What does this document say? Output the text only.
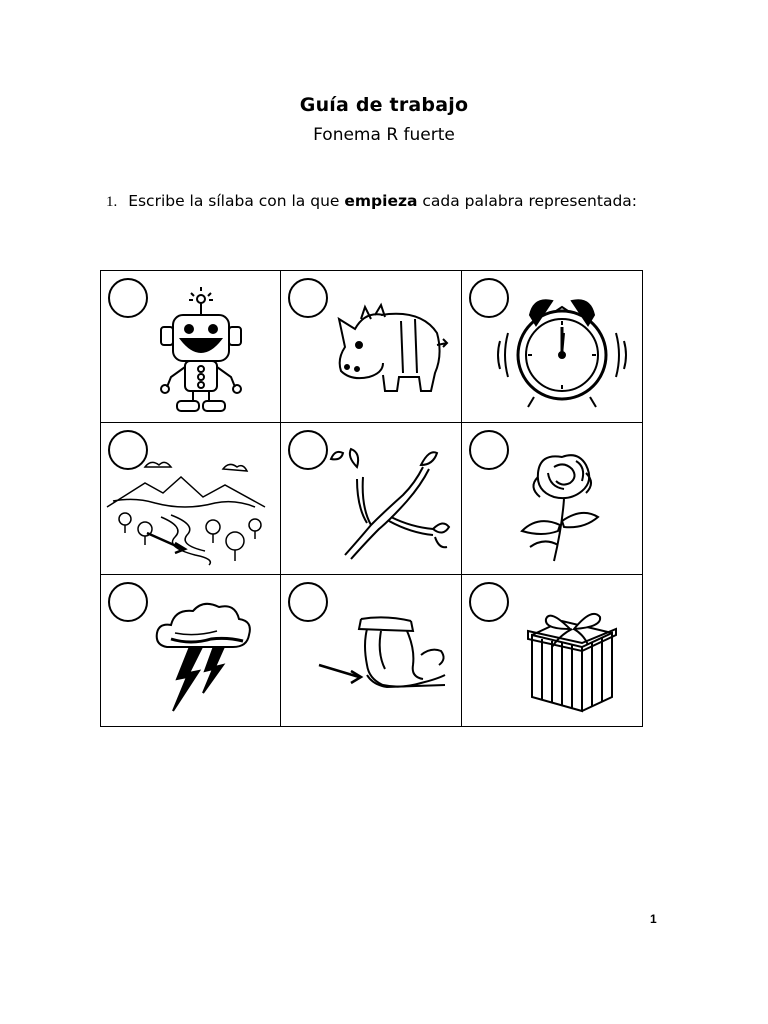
Guía de trabajo
Fonema R fuerte
1. Escribe la sílaba con la que empieza cada palabra representada:
1
